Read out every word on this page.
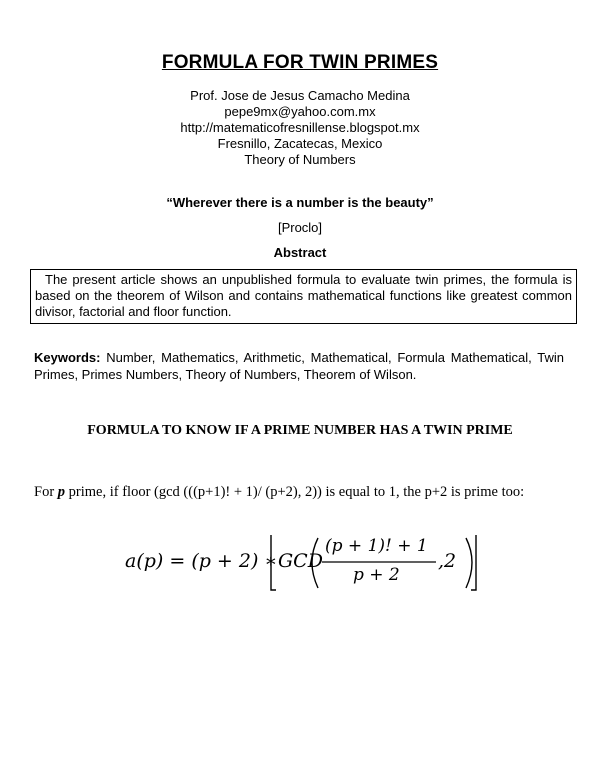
FORMULA FOR TWIN PRIMES
Prof. Jose de Jesus Camacho Medina
pepe9mx@yahoo.com.mx
http://matematicofresnillense.blogspot.mx
Fresnillo, Zacatecas, Mexico
Theory of Numbers
“Wherever there is a number is the beauty”
[Proclo]
Abstract
The present article shows an unpublished formula to evaluate twin primes, the formula is based on the theorem of Wilson and contains mathematical functions like greatest common divisor, factorial and floor function.
Keywords: Number, Mathematics, Arithmetic, Mathematical, Formula Mathematical, Twin Primes, Primes Numbers, Theory of Numbers, Theorem of Wilson.
FORMULA TO KNOW IF A PRIME NUMBER HAS A TWIN PRIME
For p prime, if floor (gcd (((p+1)! + 1)/ (p+2), 2)) is equal to 1, the p+2 is prime too:
a(p) = (p + 2) ∗ GCD
(p + 1)! + 1
p + 2
,2
